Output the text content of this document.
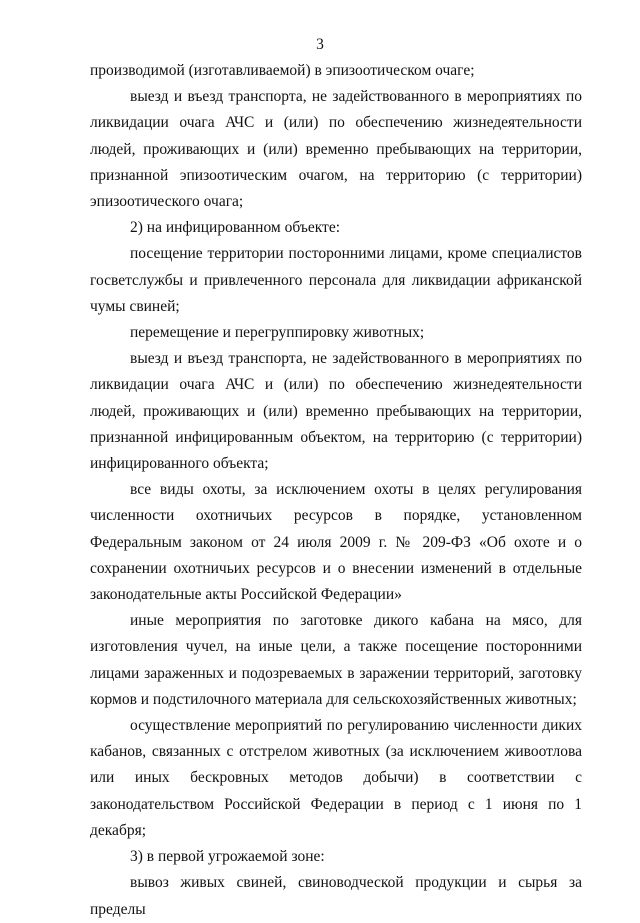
3

производимой (изготавливаемой) в эпизоотическом очаге;

выезд и въезд транспорта, не задействованного в мероприятиях по ликвидации очага АЧС и (или) по обеспечению жизнедеятельности людей, проживающих и (или) временно пребывающих на территории, признанной эпизоотическим очагом, на территорию (с территории) эпизоотического очага;

2) на инфицированном объекте:

посещение территории посторонними лицами, кроме специалистов госветслужбы и привлеченного персонала для ликвидации африканской чумы свиней;

перемещение и перегруппировку животных;

выезд и въезд транспорта, не задействованного в мероприятиях по ликвидации очага АЧС и (или) по обеспечению жизнедеятельности людей, проживающих и (или) временно пребывающих на территории, признанной инфицированным объектом, на территорию (с территории) инфицированного объекта;

все виды охоты, за исключением охоты в целях регулирования численности охотничьих ресурсов в порядке, установленном Федеральным законом от 24 июля 2009 г. № 209-ФЗ «Об охоте и о сохранении охотничьих ресурсов и о внесении изменений в отдельные законодательные акты Российской Федерации»

иные мероприятия по заготовке дикого кабана на мясо, для изготовления чучел, на иные цели, а также посещение посторонними лицами зараженных и подозреваемых в заражении территорий, заготовку кормов и подстилочного материала для сельскохозяйственных животных;

осуществление мероприятий по регулированию численности диких кабанов, связанных с отстрелом животных (за исключением живоотлова или иных бескровных методов добычи) в соответствии с законодательством Российской Федерации в период с 1 июня по 1 декабря;

3) в первой угрожаемой зоне:

вывоз живых свиней, свиноводческой продукции и сырья за пределы
